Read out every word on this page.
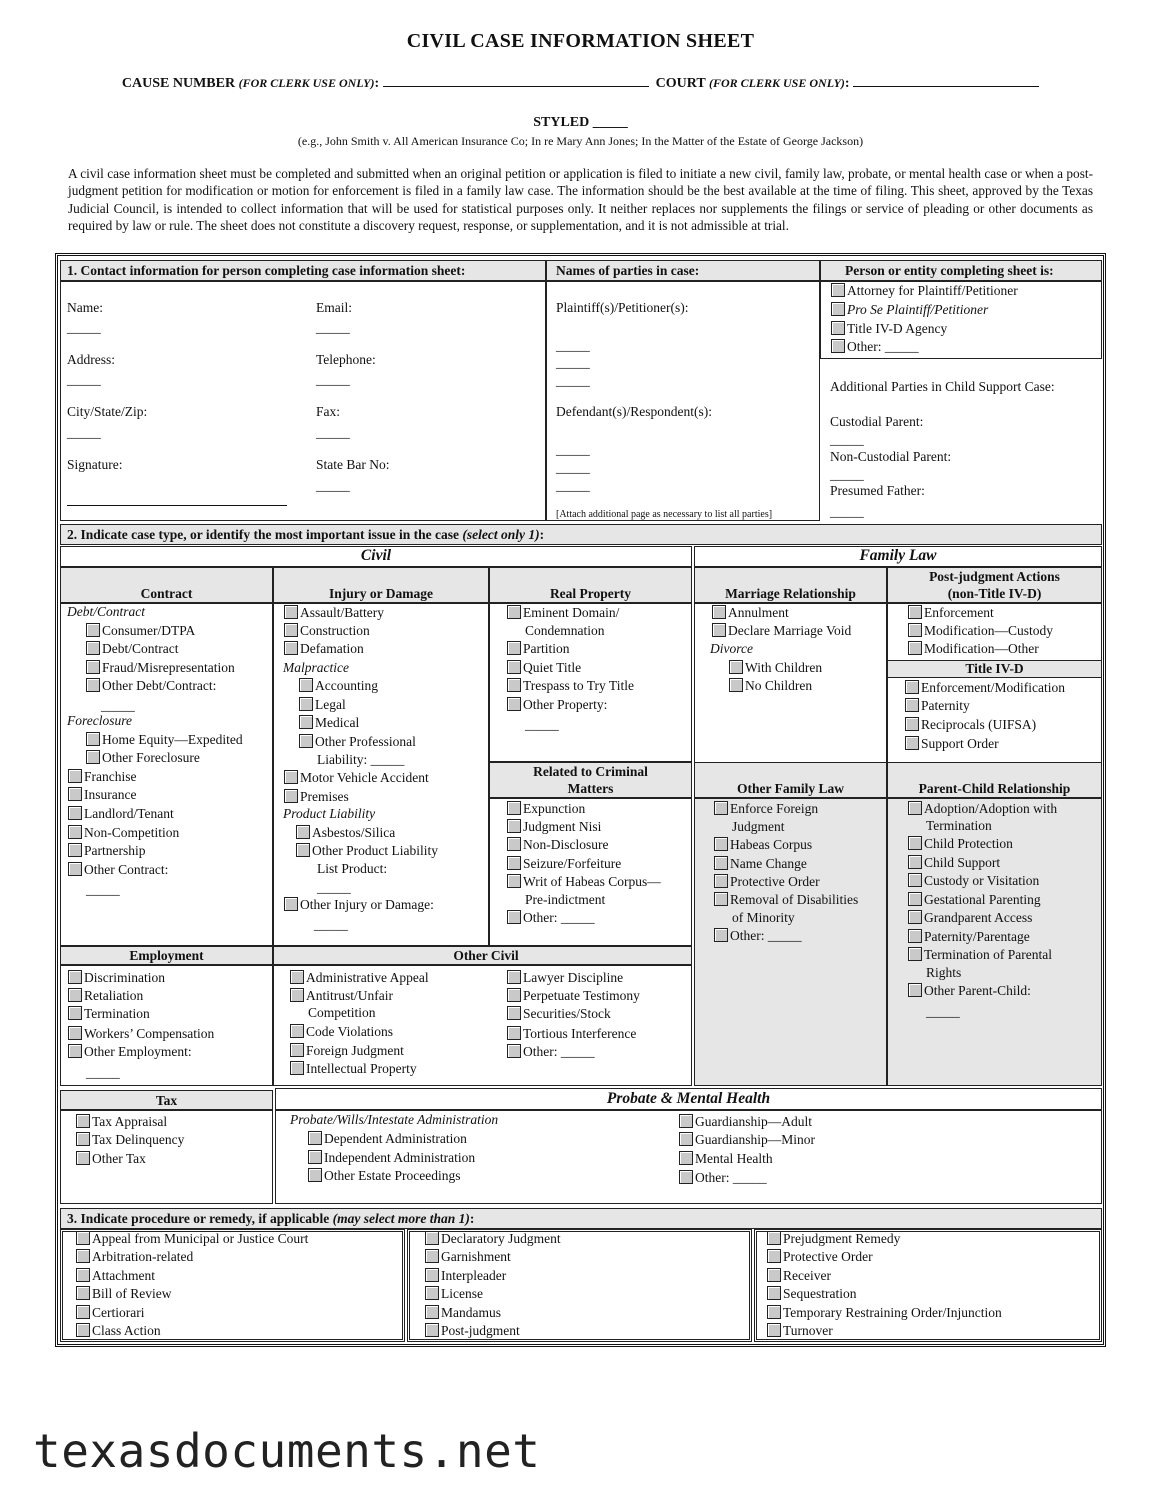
CIVIL CASE INFORMATION SHEET
CAUSE NUMBER (FOR CLERK USE ONLY):	COURT (FOR CLERK USE ONLY):
STYLED _____
(e.g., John Smith v. All American Insurance Co; In re Mary Ann Jones; In the Matter of the Estate of George Jackson)
A civil case information sheet must be completed and submitted when an original petition or application is filed to initiate a new civil, family law, probate, or mental health case or when a post-judgment petition for modification or motion for enforcement is filed in a family law case. The information should be the best available at the time of filing. This sheet, approved by the Texas Judicial Council, is intended to collect information that will be used for statistical purposes only. It neither replaces nor supplements the filings or service of pleading or other documents as required by law or rule. The sheet does not constitute a discovery request, response, or supplementation, and it is not admissible at trial.
1. Contact information for person completing case information sheet:	Names of parties in case:	Person or entity completing sheet is:
Name:
_____
Email:
_____
Address:
_____
Telephone:
_____
City/State/Zip:
_____
Fax:
_____
Signature:	State Bar No:
_____
Plaintiff(s)/Petitioner(s):
_____
_____
_____
Defendant(s)/Respondent(s):
_____
_____
_____
[Attach additional page as necessary to list all parties]
Attorney for Plaintiff/Petitioner
Pro Se Plaintiff/Petitioner
Title IV-D Agency
Other: _____
Additional Parties in Child Support Case:
Custodial Parent:
_____
Non-Custodial Parent:
_____
Presumed Father:
_____
2. Indicate case type, or identify the most important issue in the case (select only 1):
Civil	Family Law
Contract	Injury or Damage	Real Property	Marriage Relationship
Post-judgment Actions
(non-Title IV-D)
Debt/Contract
Consumer/DTPA
Debt/Contract
Fraud/Misrepresentation
Other Debt/Contract:
_____
Foreclosure
Home Equity—Expedited
Other Foreclosure
Franchise
Insurance
Landlord/Tenant
Non-Competition
Partnership
Other Contract:
_____
Assault/Battery
Construction
Defamation
Malpractice
Accounting
Legal
Medical
Other Professional
Liability: _____
Motor Vehicle Accident
Premises
Product Liability
Asbestos/Silica
Other Product Liability
List Product:
_____
Other Injury or Damage:
_____
Eminent Domain/
Condemnation
Partition
Quiet Title
Trespass to Try Title
Other Property:
_____
Related to Criminal
Matters
Expunction
Judgment Nisi
Non-Disclosure
Seizure/Forfeiture
Writ of Habeas Corpus—
Pre-indictment
Other: _____
Annulment
Declare Marriage Void
Divorce
With Children
No Children
Enforcement
Modification—Custody
Modification—Other
Title IV-D
Enforcement/Modification
Paternity
Reciprocals (UIFSA)
Support Order
Other Family Law	Parent-Child Relationship
Enforce Foreign
Judgment
Habeas Corpus
Name Change
Protective Order
Removal of Disabilities
of Minority
Other: _____
Adoption/Adoption with
Termination
Child Protection
Child Support
Custody or Visitation
Gestational Parenting
Grandparent Access
Paternity/Parentage
Termination of Parental
Rights
Other Parent-Child:
_____
Employment	Other Civil
Discrimination
Retaliation
Termination
Workers’ Compensation
Other Employment:
_____
Administrative Appeal
Antitrust/Unfair
Competition
Code Violations
Foreign Judgment
Intellectual Property
Lawyer Discipline
Perpetuate Testimony
Securities/Stock
Tortious Interference
Other: _____
Tax
Tax Appraisal
Tax Delinquency
Other Tax
Probate & Mental Health
Probate/Wills/Intestate Administration
Dependent Administration
Independent Administration
Other Estate Proceedings
Guardianship—Adult
Guardianship—Minor
Mental Health
Other: _____
3. Indicate procedure or remedy, if applicable (may select more than 1):
Appeal from Municipal or Justice Court
Arbitration-related
Attachment
Bill of Review
Certiorari
Class Action
Declaratory Judgment
Garnishment
Interpleader
License
Mandamus
Post-judgment
Prejudgment Remedy
Protective Order
Receiver
Sequestration
Temporary Restraining Order/Injunction
Turnover
texasdocuments.net
